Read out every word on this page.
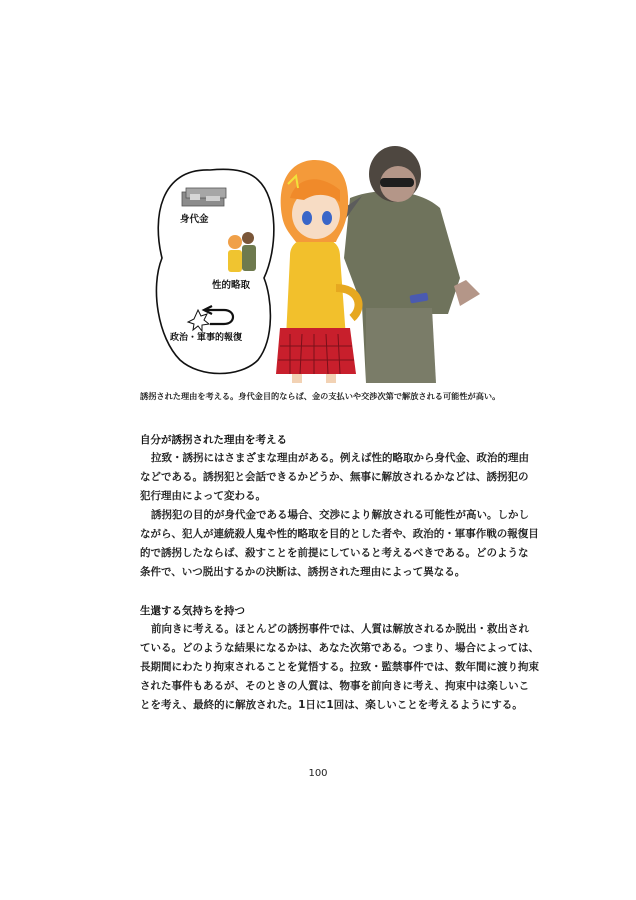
身代金
性的略取
政治・軍事的報復
誘拐された理由を考える。身代金目的ならば、金の支払いや交渉次第で解放される可能性が高い。
自分が誘拐された理由を考える
拉致・誘拐にはさまざまな理由がある。例えば性的略取から身代金、政治的理由
などである。誘拐犯と会話できるかどうか、無事に解放されるかなどは、誘拐犯の
犯行理由によって変わる。
誘拐犯の目的が身代金である場合、交渉により解放される可能性が高い。しかし
ながら、犯人が連続殺人鬼や性的略取を目的とした者や、政治的・軍事作戦の報復目
的で誘拐したならば、殺すことを前提にしていると考えるべきである。どのような
条件で、いつ脱出するかの決断は、誘拐された理由によって異なる。
生還する気持ちを持つ
前向きに考える。ほとんどの誘拐事件では、人質は解放されるか脱出・救出され
ている。どのような結果になるかは、あなた次第である。つまり、場合によっては、
長期間にわたり拘束されることを覚悟する。拉致・監禁事件では、数年間に渡り拘束
された事件もあるが、そのときの人質は、物事を前向きに考え、拘束中は楽しいこ
とを考え、最終的に解放された。1日に1回は、楽しいことを考えるようにする。
100
